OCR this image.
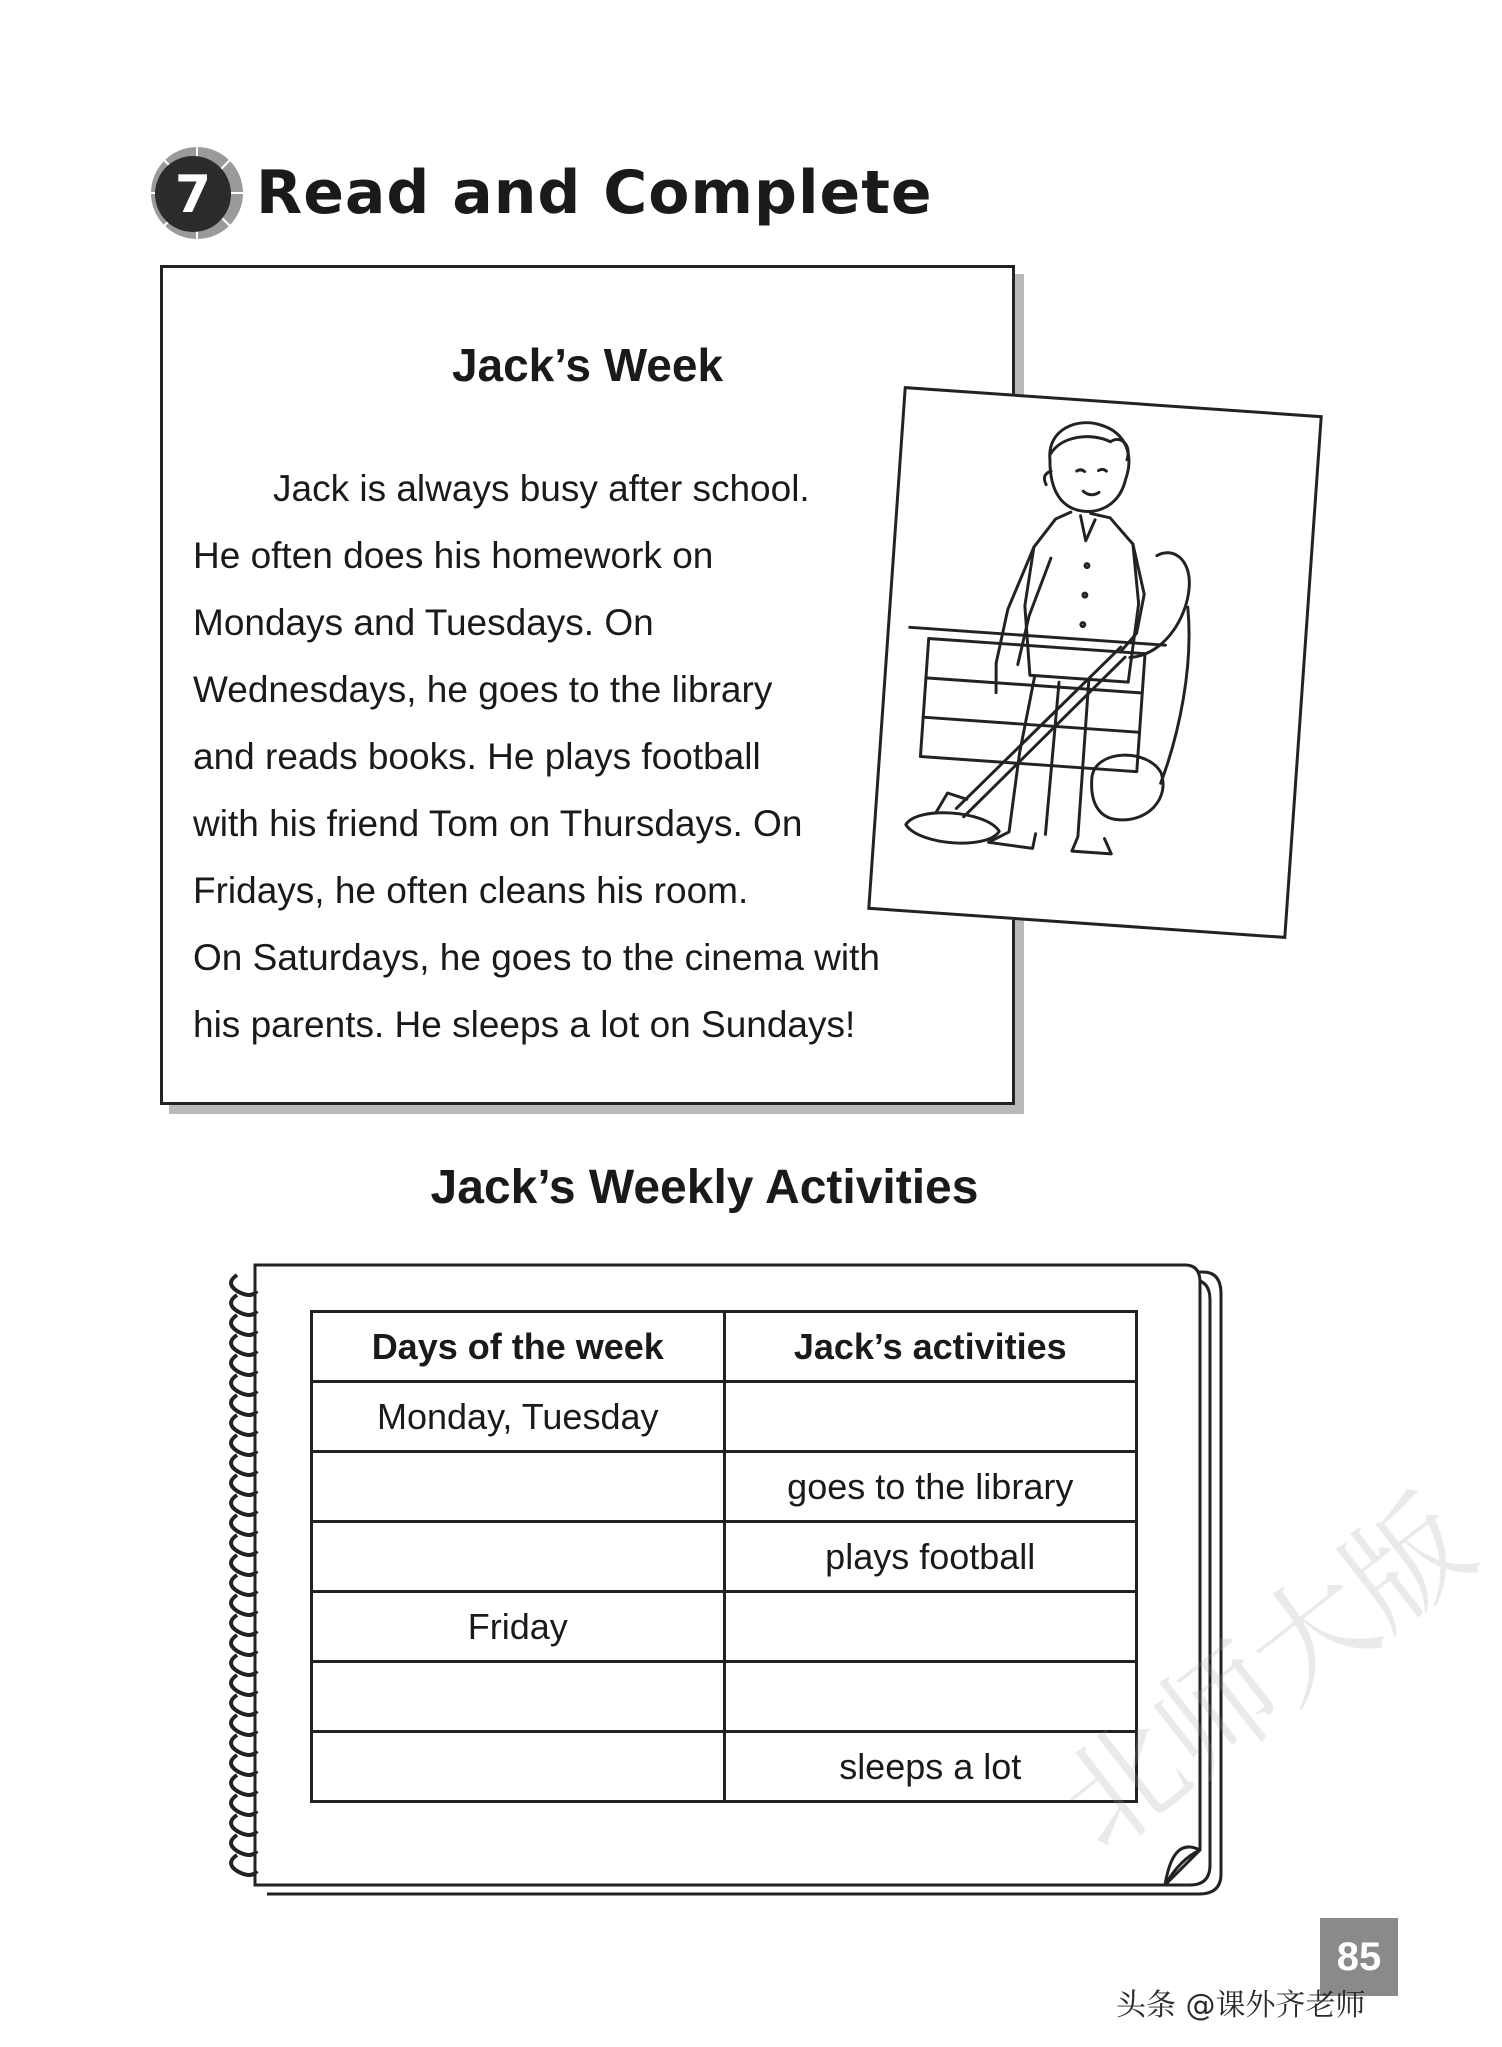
7 Read and Complete
Jack’s Week
Jack is always busy after school.
He often does his homework on
Mondays and Tuesdays. On
Wednesdays, he goes to the library
and reads books. He plays football
with his friend Tom on Thursdays. On
Fridays, he often cleans his room.
On Saturdays, he goes to the cinema with
his parents. He sleeps a lot on Sundays!
Jack’s Weekly Activities
Days of the week	Jack’s activities
Monday, Tuesday	
	goes to the library
	plays football
Friday	

	sleeps a lot 北师大版
85
头条 @课外齐老师
